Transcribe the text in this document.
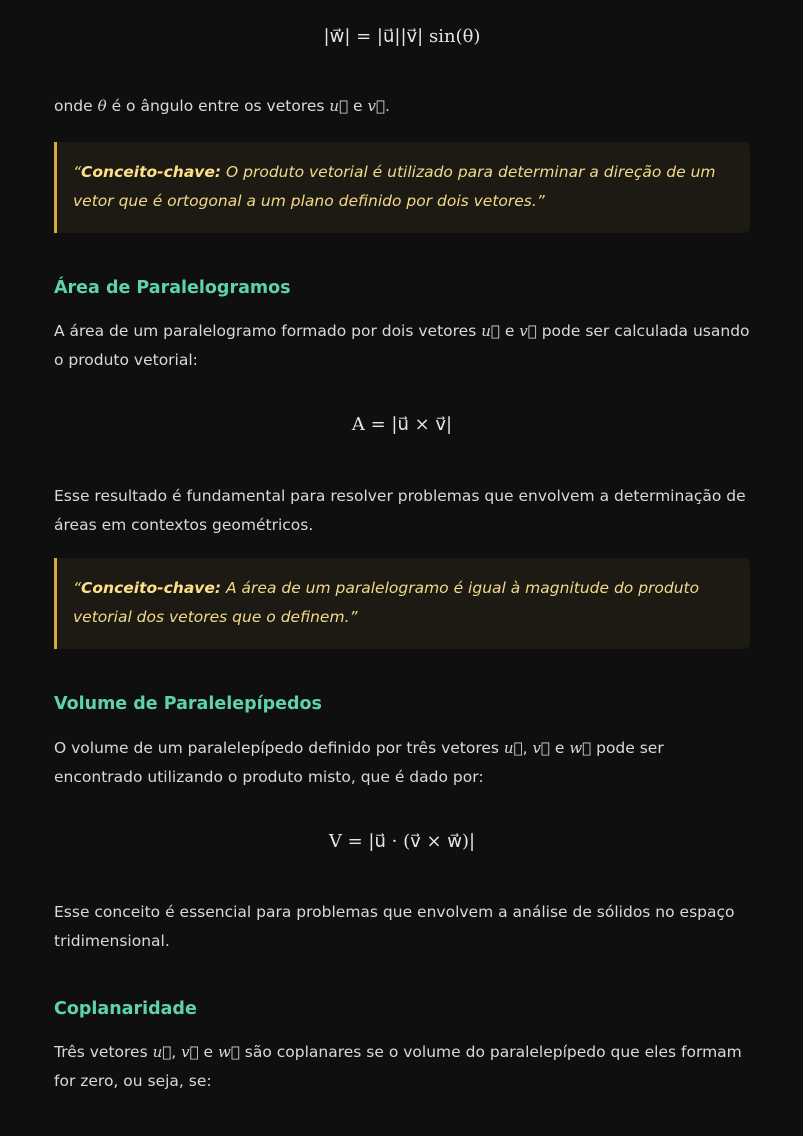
|w⃗| = |u⃗||v⃗| sin(θ)

onde θ é o ângulo entre os vetores u⃗ e v⃗.

“Conceito-chave: O produto vetorial é utilizado para determinar a direção de um vetor que é ortogonal a um plano definido por dois vetores.”
Área de Paralelogramos

A área de um paralelogramo formado por dois vetores u⃗ e v⃗ pode ser calculada usando o produto vetorial:

A = |u⃗ × v⃗|

Esse resultado é fundamental para resolver problemas que envolvem a determinação de áreas em contextos geométricos.

“Conceito-chave: A área de um paralelogramo é igual à magnitude do produto vetorial dos vetores que o definem.”
Volume de Paralelepípedos

O volume de um paralelepípedo definido por três vetores u⃗, v⃗ e w⃗ pode ser encontrado utilizando o produto misto, que é dado por:

V = |u⃗ · (v⃗ × w⃗)|

Esse conceito é essencial para problemas que envolvem a análise de sólidos no espaço tridimensional.

Coplanaridade

Três vetores u⃗, v⃗ e w⃗ são coplanares se o volume do paralelepípedo que eles formam for zero, ou seja, se:
